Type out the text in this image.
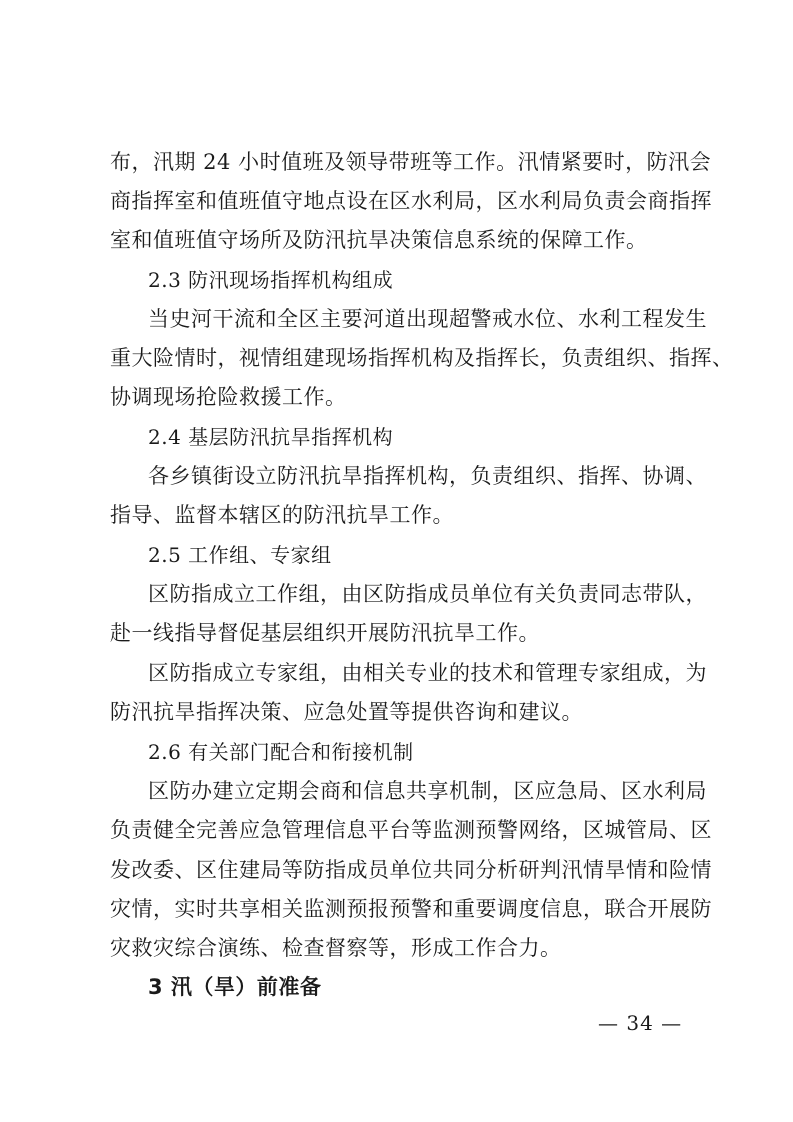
布，汛期 24 小时值班及领导带班等工作。汛情紧要时，防汛会
商指挥室和值班值守地点设在区水利局，区水利局负责会商指挥
室和值班值守场所及防汛抗旱决策信息系统的保障工作。
2.3 防汛现场指挥机构组成
当史河干流和全区主要河道出现超警戒水位、水利工程发生
重大险情时，视情组建现场指挥机构及指挥长，负责组织、指挥、
协调现场抢险救援工作。
2.4 基层防汛抗旱指挥机构
各乡镇街设立防汛抗旱指挥机构，负责组织、指挥、协调、
指导、监督本辖区的防汛抗旱工作。
2.5 工作组、专家组
区防指成立工作组，由区防指成员单位有关负责同志带队，
赴一线指导督促基层组织开展防汛抗旱工作。
区防指成立专家组，由相关专业的技术和管理专家组成，为
防汛抗旱指挥决策、应急处置等提供咨询和建议。
2.6 有关部门配合和衔接机制
区防办建立定期会商和信息共享机制，区应急局、区水利局
负责健全完善应急管理信息平台等监测预警网络，区城管局、区
发改委、区住建局等防指成员单位共同分析研判汛情旱情和险情
灾情，实时共享相关监测预报预警和重要调度信息，联合开展防
灾救灾综合演练、检查督察等，形成工作合力。
3 汛（旱）前准备
— 34 —
